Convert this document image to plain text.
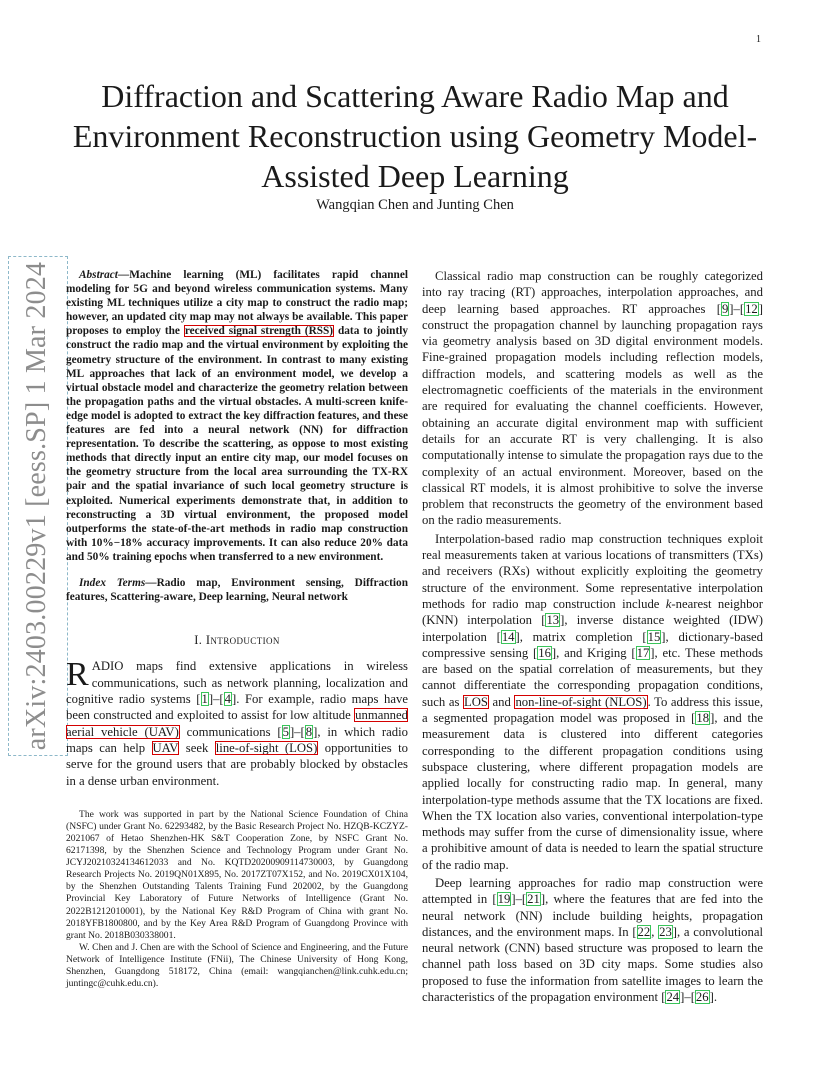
1
Diffraction and Scattering Aware Radio Map and Environment Reconstruction using Geometry Model-Assisted Deep Learning
Wangqian Chen and Junting Chen
arXiv:2403.00229v1 [eess.SP] 1 Mar 2024	Abstract—Machine learning (ML) facilitates rapid channel modeling for 5G and beyond wireless communication systems. Many existing ML techniques utilize a city map to construct the radio map; however, an updated city map may not always be available. This paper proposes to employ the received signal strength (RSS) data to jointly construct the radio map and the virtual environment by exploiting the geometry structure of the environment. In contrast to many existing ML approaches that lack of an environment model, we develop a virtual obstacle model and characterize the geometry relation between the propagation paths and the virtual obstacles. A multi-screen knife-edge model is adopted to extract the key diffraction features, and these features are fed into a neural network (NN) for diffraction representation. To describe the scattering, as oppose to most existing methods that directly input an entire city map, our model focuses on the geometry structure from the local area surrounding the TX-RX pair and the spatial invariance of such local geometry structure is exploited. Numerical experiments demonstrate that, in addition to reconstructing a 3D virtual environment, the proposed model outperforms the state-of-the-art methods in radio map construction with 10%−18% accuracy improvements. It can also reduce 20% data and 50% training epochs when transferred to a new environment.

Index Terms—Radio map, Environment sensing, Diffraction features, Scattering-aware, Deep learning, Neural network

I. Introduction

RADIO maps find extensive applications in wireless communications, such as network planning, localization and cognitive radio systems [1]–[4]. For example, radio maps have been constructed and exploited to assist for low altitude unmanned aerial vehicle (UAV) communications [5]–[8], in which radio maps can help UAV seek line-of-sight (LOS) opportunities to serve for the ground users that are probably blocked by obstacles in a dense urban environment.

The work was supported in part by the National Science Foundation of China (NSFC) under Grant No. 62293482, by the Basic Research Project No. HZQB-KCZYZ-2021067 of Hetao Shenzhen-HK S&T Cooperation Zone, by NSFC Grant No. 62171398, by the Shenzhen Science and Technology Program under Grant No. JCYJ20210324134612033 and No. KQTD20200909114730003, by Guangdong Research Projects No. 2019QN01X895, No. 2017ZT07X152, and No. 2019CX01X104, by the Shenzhen Outstanding Talents Training Fund 202002, by the Guangdong Provincial Key Laboratory of Future Networks of Intelligence (Grant No. 2022B1212010001), by the National Key R&D Program of China with grant No. 2018YFB1800800, and by the Key Area R&D Program of Guangdong Province with grant No. 2018B030338001.

W. Chen and J. Chen are with the School of Science and Engineering, and the Future Network of Intelligence Institute (FNii), The Chinese University of Hong Kong, Shenzhen, Guangdong 518172, China (email: wangqianchen@link.cuhk.edu.cn; juntingc@cuhk.edu.cn).

Classical radio map construction can be roughly categorized into ray tracing (RT) approaches, interpolation approaches, and deep learning based approaches. RT approaches [9]–[12] construct the propagation channel by launching propagation rays via geometry analysis based on 3D digital environment models. Fine-grained propagation models including reflection models, diffraction models, and scattering models as well as the electromagnetic coefficients of the materials in the environment are required for evaluating the channel coefficients. However, obtaining an accurate digital environment map with sufficient details for an accurate RT is very challenging. It is also computationally intense to simulate the propagation rays due to the complexity of an actual environment. Moreover, based on the classical RT models, it is almost prohibitive to solve the inverse problem that reconstructs the geometry of the environment based on the radio measurements.

Interpolation-based radio map construction techniques exploit real measurements taken at various locations of transmitters (TXs) and receivers (RXs) without explicitly exploiting the geometry structure of the environment. Some representative interpolation methods for radio map construction include k-nearest neighbor (KNN) interpolation [13], inverse distance weighted (IDW) interpolation [14], matrix completion [15], dictionary-based compressive sensing [16], and Kriging [17], etc. These methods are based on the spatial correlation of measurements, but they cannot differentiate the corresponding propagation conditions, such as LOS and non-line-of-sight (NLOS). To address this issue, a segmented propagation model was proposed in [18], and the measurement data is clustered into different categories corresponding to the different propagation conditions using subspace clustering, where different propagation models are applied locally for constructing radio map. In general, many interpolation-type methods assume that the TX locations are fixed. When the TX location also varies, conventional interpolation-type methods may suffer from the curse of dimensionality issue, where a prohibitive amount of data is needed to learn the spatial structure of the radio map.

Deep learning approaches for radio map construction were attempted in [19]–[21], where the features that are fed into the neural network (NN) include building heights, propagation distances, and the environment maps. In [22, 23], a convolutional neural network (CNN) based structure was proposed to learn the channel path loss based on 3D city maps. Some studies also proposed to fuse the information from satellite images to learn the characteristics of the propagation environment [24]–[26].
